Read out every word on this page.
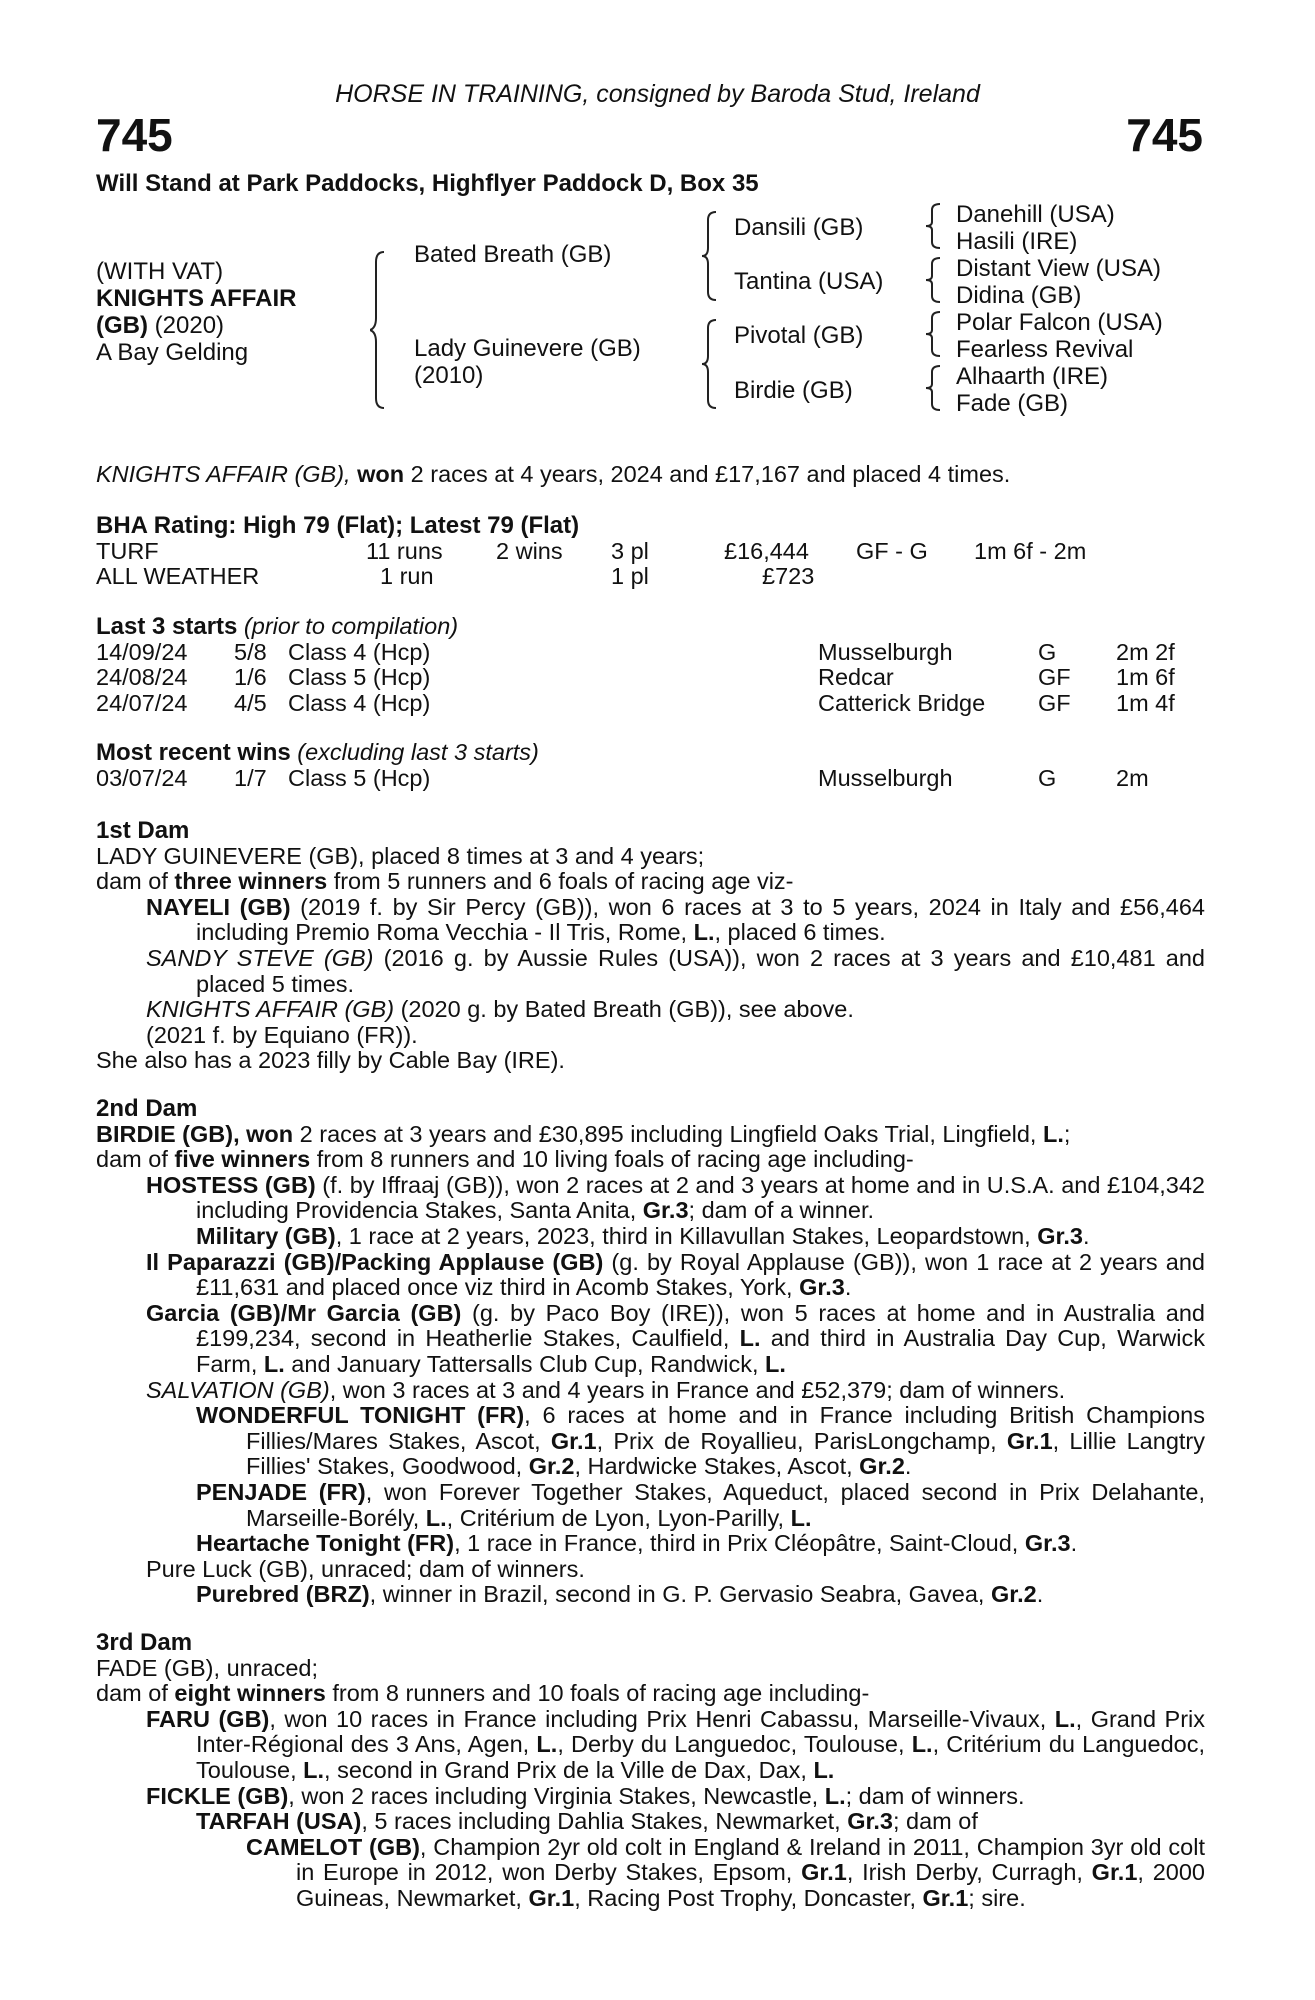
HORSE IN TRAINING, consigned by Baroda Stud, Ireland
745	745
Will Stand at Park Paddocks, Highflyer Paddock D, Box 35
(WITH VAT)
KNIGHTS AFFAIR
(GB) (2020)
A Bay Gelding
Bated Breath (GB)
Lady Guinevere (GB)
(2010)
Dansili (GB)
Tantina (USA)
Pivotal (GB)
Birdie (GB)
Danehill (USA)
Hasili (IRE)
Distant View (USA)
Didina (GB)
Polar Falcon (USA)
Fearless Revival
Alhaarth (IRE)
Fade (GB)
KNIGHTS AFFAIR (GB), won 2 races at 4 years, 2024 and £17,167 and placed 4 times.
BHA Rating: High 79 (Flat); Latest 79 (Flat)
TURF	11 runs 2 wins 3 pl	£16,444 GF - G 1m 6f - 2m
ALL WEATHER	1 run	1 pl	£723
Last 3 starts (prior to compilation)
14/09/24 5/8 Class 4 (Hcp)	Musselburgh	G	2m 2f
24/08/24 1/6 Class 5 (Hcp)	Redcar	GF 1m 6f
24/07/24 4/5 Class 4 (Hcp)	Catterick Bridge GF 1m 4f
Most recent wins (excluding last 3 starts)
03/07/24 1/7 Class 5 (Hcp)	Musselburgh	G	2m
1st Dam

LADY GUINEVERE (GB), placed 8 times at 3 and 4 years;

dam of three winners from 5 runners and 6 foals of racing age viz-

NAYELI (GB) (2019 f. by Sir Percy (GB)), won 6 races at 3 to 5 years, 2024 in Italy and £56,464 including Premio Roma Vecchia - Il Tris, Rome, L., placed 6 times.

SANDY STEVE (GB) (2016 g. by Aussie Rules (USA)), won 2 races at 3 years and £10,481 and placed 5 times.

KNIGHTS AFFAIR (GB) (2020 g. by Bated Breath (GB)), see above.

(2021 f. by Equiano (FR)).

She also has a 2023 filly by Cable Bay (IRE).

2nd Dam

BIRDIE (GB), won 2 races at 3 years and £30,895 including Lingfield Oaks Trial, Lingfield, L.;

dam of five winners from 8 runners and 10 living foals of racing age including-

HOSTESS (GB) (f. by Iffraaj (GB)), won 2 races at 2 and 3 years at home and in U.S.A. and £104,342 including Providencia Stakes, Santa Anita, Gr.3; dam of a winner.

Military (GB), 1 race at 2 years, 2023, third in Killavullan Stakes, Leopardstown, Gr.3.

Il Paparazzi (GB)/Packing Applause (GB) (g. by Royal Applause (GB)), won 1 race at 2 years and £11,631 and placed once viz third in Acomb Stakes, York, Gr.3.

Garcia (GB)/Mr Garcia (GB) (g. by Paco Boy (IRE)), won 5 races at home and in Australia and £199,234, second in Heatherlie Stakes, Caulfield, L. and third in Australia Day Cup, Warwick Farm, L. and January Tattersalls Club Cup, Randwick, L.

SALVATION (GB), won 3 races at 3 and 4 years in France and £52,379; dam of winners.

WONDERFUL TONIGHT (FR), 6 races at home and in France including British Champions Fillies/Mares Stakes, Ascot, Gr.1, Prix de Royallieu, ParisLongchamp, Gr.1, Lillie Langtry Fillies' Stakes, Goodwood, Gr.2, Hardwicke Stakes, Ascot, Gr.2.

PENJADE (FR), won Forever Together Stakes, Aqueduct, placed second in Prix Delahante, Marseille-Borély, L., Critérium de Lyon, Lyon-Parilly, L.

Heartache Tonight (FR), 1 race in France, third in Prix Cléopâtre, Saint-Cloud, Gr.3.

Pure Luck (GB), unraced; dam of winners.

Purebred (BRZ), winner in Brazil, second in G. P. Gervasio Seabra, Gavea, Gr.2.

3rd Dam

FADE (GB), unraced;

dam of eight winners from 8 runners and 10 foals of racing age including-

FARU (GB), won 10 races in France including Prix Henri Cabassu, Marseille-Vivaux, L., Grand Prix Inter-Régional des 3 Ans, Agen, L., Derby du Languedoc, Toulouse, L., Critérium du Languedoc, Toulouse, L., second in Grand Prix de la Ville de Dax, Dax, L.

FICKLE (GB), won 2 races including Virginia Stakes, Newcastle, L.; dam of winners.

TARFAH (USA), 5 races including Dahlia Stakes, Newmarket, Gr.3; dam of

CAMELOT (GB), Champion 2yr old colt in England & Ireland in 2011, Champion 3yr old colt in Europe in 2012, won Derby Stakes, Epsom, Gr.1, Irish Derby, Curragh, Gr.1, 2000 Guineas, Newmarket, Gr.1, Racing Post Trophy, Doncaster, Gr.1; sire.
